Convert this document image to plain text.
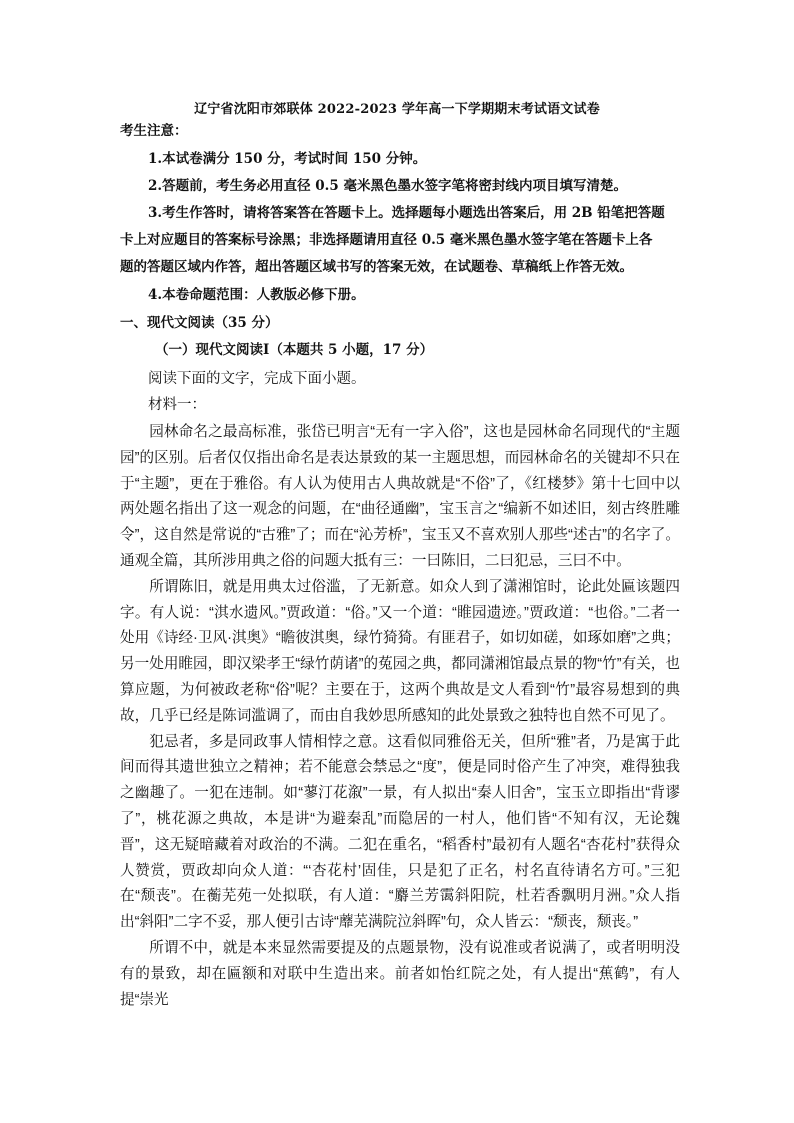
辽宁省沈阳市郊联体 2022-2023 学年高一下学期期末考试语文试卷
考生注意：
1.本试卷满分 150 分，考试时间 150 分钟。
2.答题前，考生务必用直径 0.5 毫米黑色墨水签字笔将密封线内项目填写清楚。
3.考生作答时，请将答案答在答题卡上。选择题每小题选出答案后，用 2B 铅笔把答题
卡上对应题目的答案标号涂黑；非选择题请用直径 0.5 毫米黑色墨水签字笔在答题卡上各
题的答题区域内作答，超出答题区域书写的答案无效，在试题卷、草稿纸上作答无效。
4.本卷命题范围：人教版必修下册。
一、现代文阅读（35 分）
（一）现代文阅读Ⅰ（本题共 5 小题，17 分）
阅读下面的文字，完成下面小题。
材料一：

园林命名之最高标准，张岱已明言“无有一字入俗”，这也是园林命名同现代的“主题园”的区别。后者仅仅指出命名是表达景致的某一主题思想，而园林命名的关键却不只在于“主题”，更在于雅俗。有人认为使用古人典故就是“不俗”了，《红楼梦》第十七回中以两处题名指出了这一观念的问题，在“曲径通幽”，宝玉言之“编新不如述旧，刻古终胜雕令”，这自然是常说的“古雅”了；而在“沁芳桥”，宝玉又不喜欢别人那些“述古”的名字了。通观全篇，其所涉用典之俗的问题大抵有三：一曰陈旧，二曰犯忌，三曰不中。

所谓陈旧，就是用典太过俗滥，了无新意。如众人到了潇湘馆时，论此处匾该题四字。有人说：“淇水遗风。”贾政道：“俗。”又一个道：“睢园遗迹。”贾政道：“也俗。”二者一处用《诗经·卫风·淇奥》“瞻彼淇奥，绿竹猗猗。有匪君子，如切如磋，如琢如磨”之典；另一处用睢园，即汉梁孝王“绿竹荫诸”的菟园之典，都同潇湘馆最点景的物“竹”有关，也算应题，为何被政老称“俗”呢？主要在于，这两个典故是文人看到“竹”最容易想到的典故，几乎已经是陈词滥调了，而由自我妙思所感知的此处景致之独特也自然不可见了。

犯忌者，多是同政事人情相悖之意。这看似同雅俗无关，但所“雅”者，乃是寓于此间而得其遗世独立之精神；若不能意会禁忌之“度”，便是同时俗产生了冲突，难得独我之幽趣了。一犯在违制。如“蓼汀花溆”一景，有人拟出“秦人旧舍”，宝玉立即指出“背谬了”，桃花源之典故，本是讲“为避秦乱”而隐居的一村人，他们皆“不知有汉，无论魏晋”，这无疑暗藏着对政治的不满。二犯在重名，“稻香村”最初有人题名“杏花村”获得众人赞赏，贾政却向众人道：“‘杏花村’固佳，只是犯了正名，村名直待请名方可。”三犯在“颓丧”。在蘅芜苑一处拟联，有人道：“麝兰芳霭斜阳院，杜若香飘明月洲。”众人指出“斜阳”二字不妥，那人便引古诗“蘼芜满院泣斜晖”句，众人皆云：“颓丧，颓丧。”

所谓不中，就是本来显然需要提及的点题景物，没有说准或者说满了，或者明明没有的景致，却在匾额和对联中生造出来。前者如怡红院之处，有人提出“蕉鹤”，有人提“崇光
